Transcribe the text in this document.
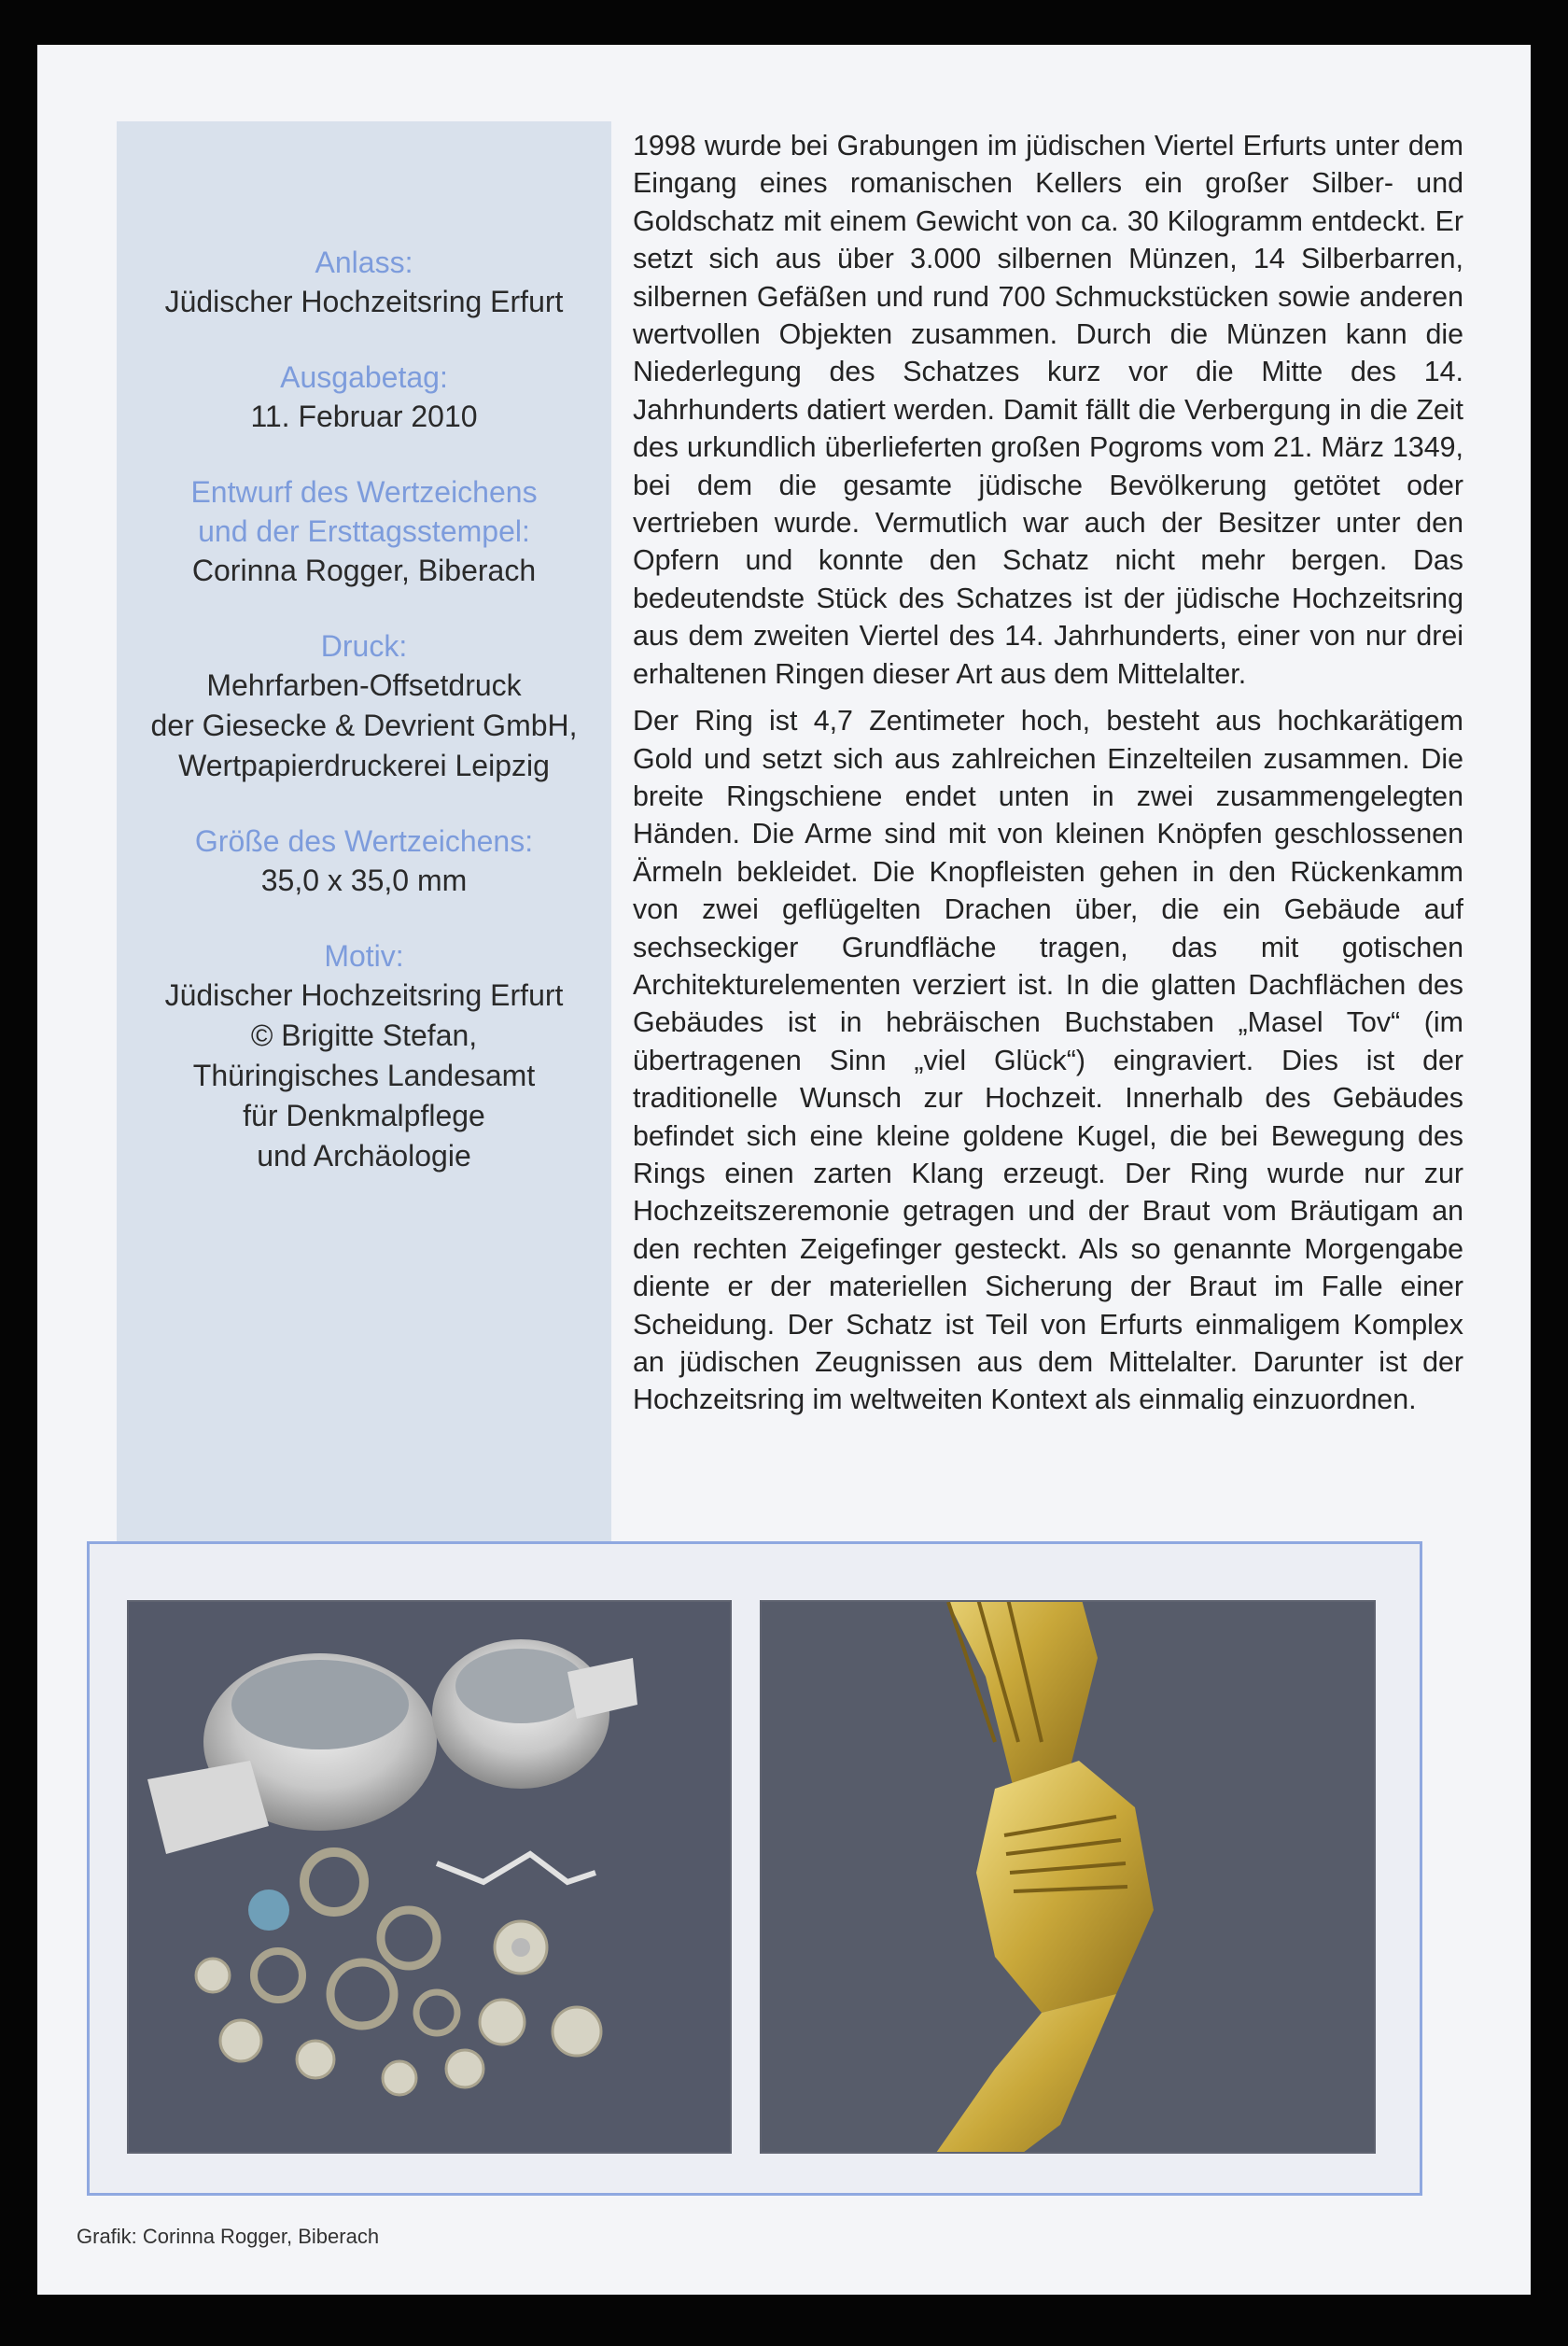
Anlass:
Jüdischer Hochzeitsring Erfurt
Ausgabetag:
11. Februar 2010
Entwurf des Wertzeichens
und der Ersttagsstempel:
Corinna Rogger, Biberach
Druck:
Mehrfarben-Offsetdruck
der Giesecke & Devrient GmbH,
Wertpapierdruckerei Leipzig
Größe des Wertzeichens:
35,0 x 35,0 mm
Motiv:
Jüdischer Hochzeitsring Erfurt
© Brigitte Stefan,
Thüringisches Landesamt
für Denkmalpflege
und Archäologie

1998 wurde bei Grabungen im jüdischen Viertel Erfurts unter dem Eingang eines romanischen Kellers ein großer Silber- und Goldschatz mit einem Gewicht von ca. 30 Kilogramm entdeckt. Er setzt sich aus über 3.000 silbernen Münzen, 14 Silberbarren, silbernen Gefäßen und rund 700 Schmuckstücken sowie anderen wertvollen Objekten zusammen. Durch die Münzen kann die Niederlegung des Schatzes kurz vor die Mitte des 14. Jahrhunderts datiert werden. Damit fällt die Verbergung in die Zeit des urkundlich überlieferten großen Pogroms vom 21. März 1349, bei dem die gesamte jüdische Bevölkerung getötet oder vertrieben wurde. Vermutlich war auch der Besitzer unter den Opfern und konnte den Schatz nicht mehr bergen. Das bedeutendste Stück des Schatzes ist der jüdische Hochzeitsring aus dem zweiten Viertel des 14. Jahrhunderts, einer von nur drei erhaltenen Ringen dieser Art aus dem Mittelalter.

Der Ring ist 4,7 Zentimeter hoch, besteht aus hochkarätigem Gold und setzt sich aus zahlreichen Einzelteilen zusammen. Die breite Ringschiene endet unten in zwei zusammengelegten Händen. Die Arme sind mit von kleinen Knöpfen geschlossenen Ärmeln bekleidet. Die Knopfleisten gehen in den Rückenkamm von zwei geflügelten Drachen über, die ein Gebäude auf sechseckiger Grundfläche tragen, das mit gotischen Architekturelementen verziert ist. In die glatten Dachflächen des Gebäudes ist in hebräischen Buchstaben „Masel Tov“ (im übertragenen Sinn „viel Glück“) eingraviert. Dies ist der traditionelle Wunsch zur Hochzeit. Innerhalb des Gebäudes befindet sich eine kleine goldene Kugel, die bei Bewegung des Rings einen zarten Klang erzeugt. Der Ring wurde nur zur Hochzeitszeremonie getragen und der Braut vom Bräutigam an den rechten Zeigefinger gesteckt. Als so genannte Morgengabe diente er der materiellen Sicherung der Braut im Falle einer Scheidung. Der Schatz ist Teil von Erfurts einmaligem Komplex an jüdischen Zeugnissen aus dem Mittelalter. Darunter ist der Hochzeitsring im weltweiten Kontext als einmalig einzuordnen.

Grafik: Corinna Rogger, Biberach
